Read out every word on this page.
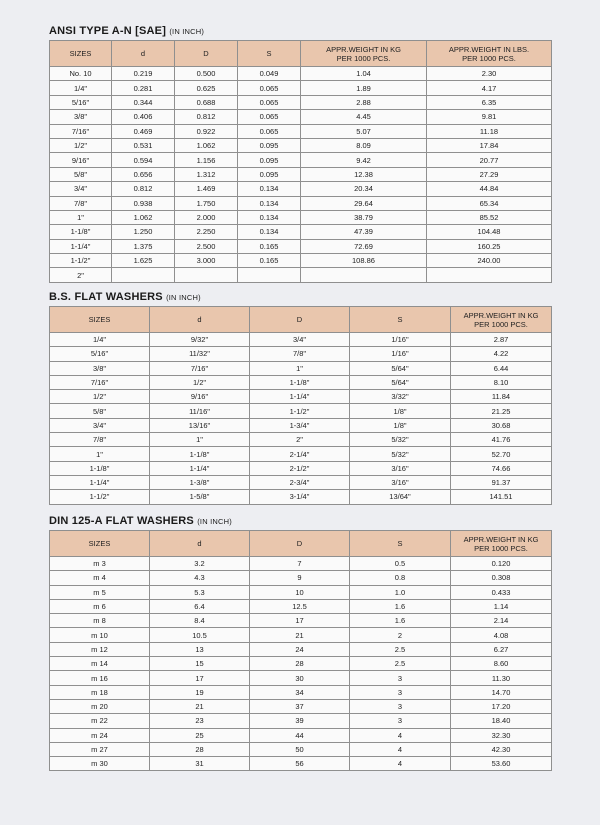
ANSI TYPE A-N [SAE] (IN INCH)
SIZES	d	D	S	APPR.WEIGHT IN KG
PER 1000 PCS.	APPR.WEIGHT IN LBS.
PER 1000 PCS.
No. 10	0.219	0.500	0.049	1.04	2.30
1/4"	0.281	0.625	0.065	1.89	4.17
5/16"	0.344	0.688	0.065	2.88	6.35
3/8"	0.406	0.812	0.065	4.45	9.81
7/16"	0.469	0.922	0.065	5.07	11.18
1/2"	0.531	1.062	0.095	8.09	17.84
9/16"	0.594	1.156	0.095	9.42	20.77
5/8"	0.656	1.312	0.095	12.38	27.29
3/4"	0.812	1.469	0.134	20.34	44.84
7/8"	0.938	1.750	0.134	29.64	65.34
1"	1.062	2.000	0.134	38.79	85.52
1-1/8"	1.250	2.250	0.134	47.39	104.48
1-1/4"	1.375	2.500	0.165	72.69	160.25
1-1/2"	1.625	3.000	0.165	108.86	240.00
2"					
B.S. FLAT WASHERS (IN INCH)
SIZES	d	D	S	APPR.WEIGHT IN KG
PER 1000 PCS.
1/4"	9/32"	3/4"	1/16"	2.87
5/16"	11/32"	7/8"	1/16"	4.22
3/8"	7/16"	1"	5/64"	6.44
7/16"	1/2"	1-1/8"	5/64"	8.10
1/2"	9/16"	1-1/4"	3/32"	11.84
5/8"	11/16"	1-1/2"	1/8"	21.25
3/4"	13/16"	1-3/4"	1/8"	30.68
7/8"	1"	2"	5/32"	41.76
1"	1-1/8"	2-1/4"	5/32"	52.70
1-1/8"	1-1/4"	2-1/2"	3/16"	74.66
1-1/4"	1-3/8"	2-3/4"	3/16"	91.37
1-1/2"	1-5/8"	3-1/4"	13/64"	141.51
DIN 125-A FLAT WASHERS (IN INCH)
SIZES	d	D	S	APPR.WEIGHT IN KG
PER 1000 PCS.
m 3	3.2	7	0.5	0.120
m 4	4.3	9	0.8	0.308
m 5	5.3	10	1.0	0.433
m 6	6.4	12.5	1.6	1.14
m 8	8.4	17	1.6	2.14
m 10	10.5	21	2	4.08
m 12	13	24	2.5	6.27
m 14	15	28	2.5	8.60
m 16	17	30	3	11.30
m 18	19	34	3	14.70
m 20	21	37	3	17.20
m 22	23	39	3	18.40
m 24	25	44	4	32.30
m 27	28	50	4	42.30
m 30	31	56	4	53.60
